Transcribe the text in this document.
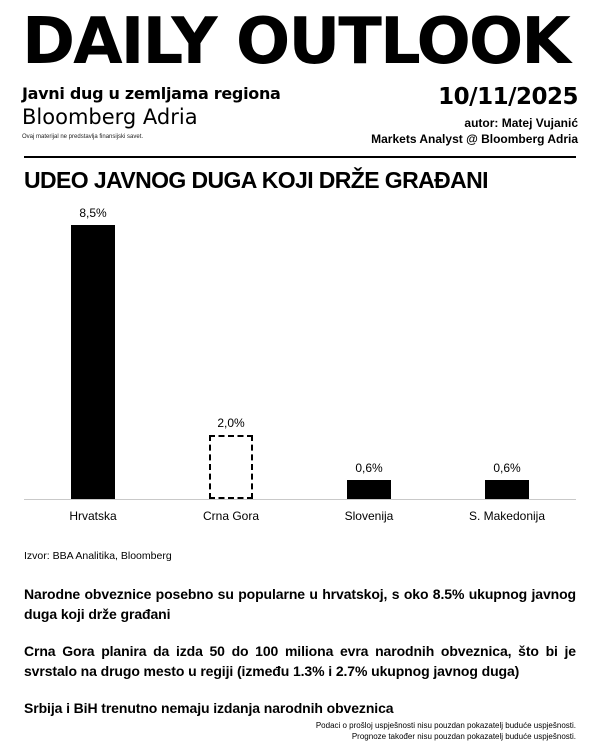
DAILY OUTLOOK
Javni dug u zemljama regiona
Bloomberg Adria
Ovaj materijal ne predstavlja finansijski savet.
10/11/2025
autor: Matej Vujanić
Markets Analyst @ Bloomberg Adria
UDEO JAVNOG DUGA KOJI DRŽE GRAĐANI
8,5%
2,0%
0,6%	0,6%
Hrvatska	Crna Gora	Slovenija	S. Makedonija
Izvor: BBA Analitika, Bloomberg

Narodne obveznice posebno su popularne u hrvatskoj, s oko 8.5% ukupnog javnog
duga koji drže građani

Crna Gora planira da izda 50 do 100 miliona evra narodnih obveznica, što bi je
svrstalo na drugo mesto u regiji (između 1.3% i 2.7% ukupnog javnog duga)

Srbija i BiH trenutno nemaju izdanja narodnih obveznica

Podaci o prošloj uspješnosti nisu pouzdan pokazatelj buduće uspješnosti.
Prognoze također nisu pouzdan pokazatelj buduće uspješnosti.
